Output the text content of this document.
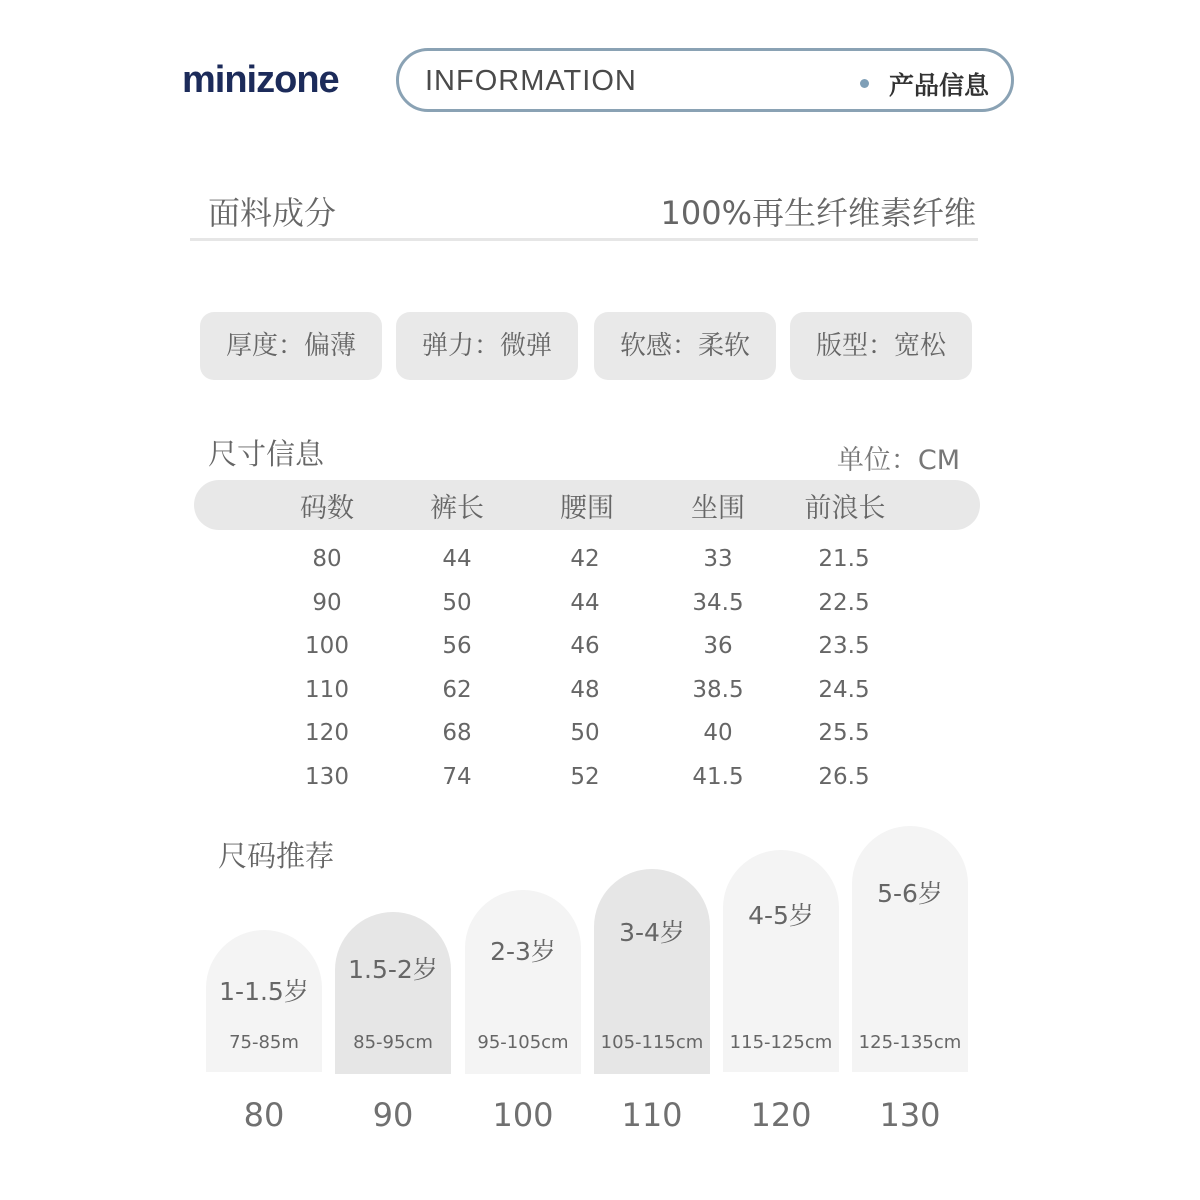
minizone	INFORMATION	产品信息
面料成分	100%再生纤维素纤维
厚度：偏薄	弹力：微弹	软感：柔软	版型：宽松
尺寸信息	单位：CM
码数	裤长	腰围	坐围	前浪长
80	44	42	33	21.5
90	50	44	34.5	22.5
100	56	46	36	23.5
110	62	48	38.5	24.5
120	68	50	40	25.5
130	74	52	41.5	26.5
尺码推荐
1-1.5岁
75-85m
80
1.5-2岁
85-95cm
90
2-3岁
95-105cm
100
3-4岁
105-115cm
110
4-5岁
115-125cm
120
5-6岁
125-135cm
130
